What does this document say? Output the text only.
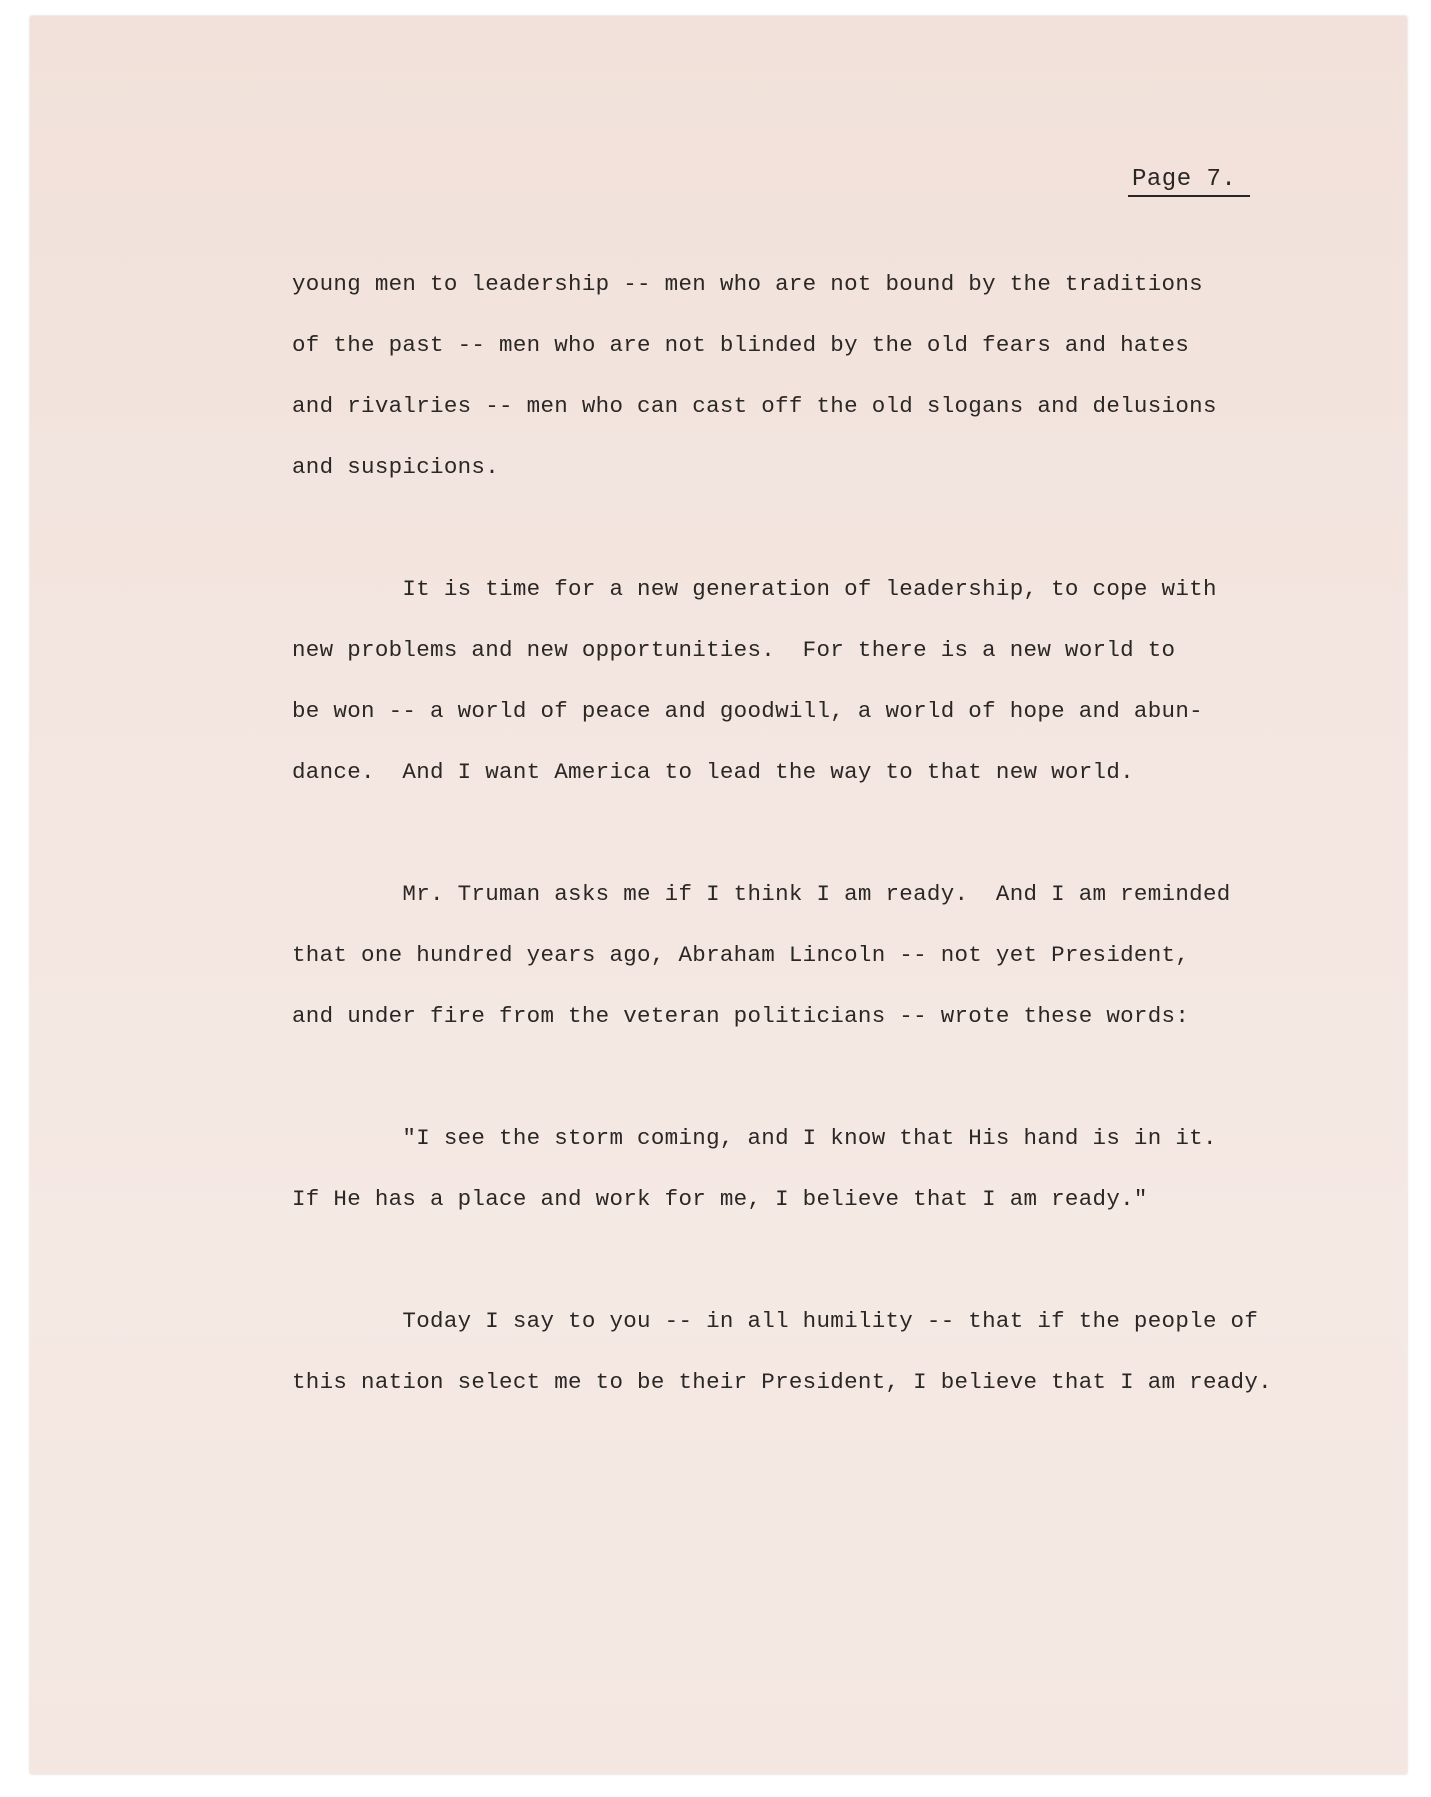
Page 7.
young men to leadership -- men who are not bound by the traditions
of the past -- men who are not blinded by the old fears and hates
and rivalries -- men who can cast off the old slogans and delusions
and suspicions.
It is time for a new generation of leadership, to cope with
new problems and new opportunities.  For there is a new world to
be won -- a world of peace and goodwill, a world of hope and abun-
dance.  And I want America to lead the way to that new world.
Mr. Truman asks me if I think I am ready.  And I am reminded
that one hundred years ago, Abraham Lincoln -- not yet President,
and under fire from the veteran politicians -- wrote these words:
"I see the storm coming, and I know that His hand is in it.
If He has a place and work for me, I believe that I am ready."
Today I say to you -- in all humility -- that if the people of
this nation select me to be their President, I believe that I am ready.
